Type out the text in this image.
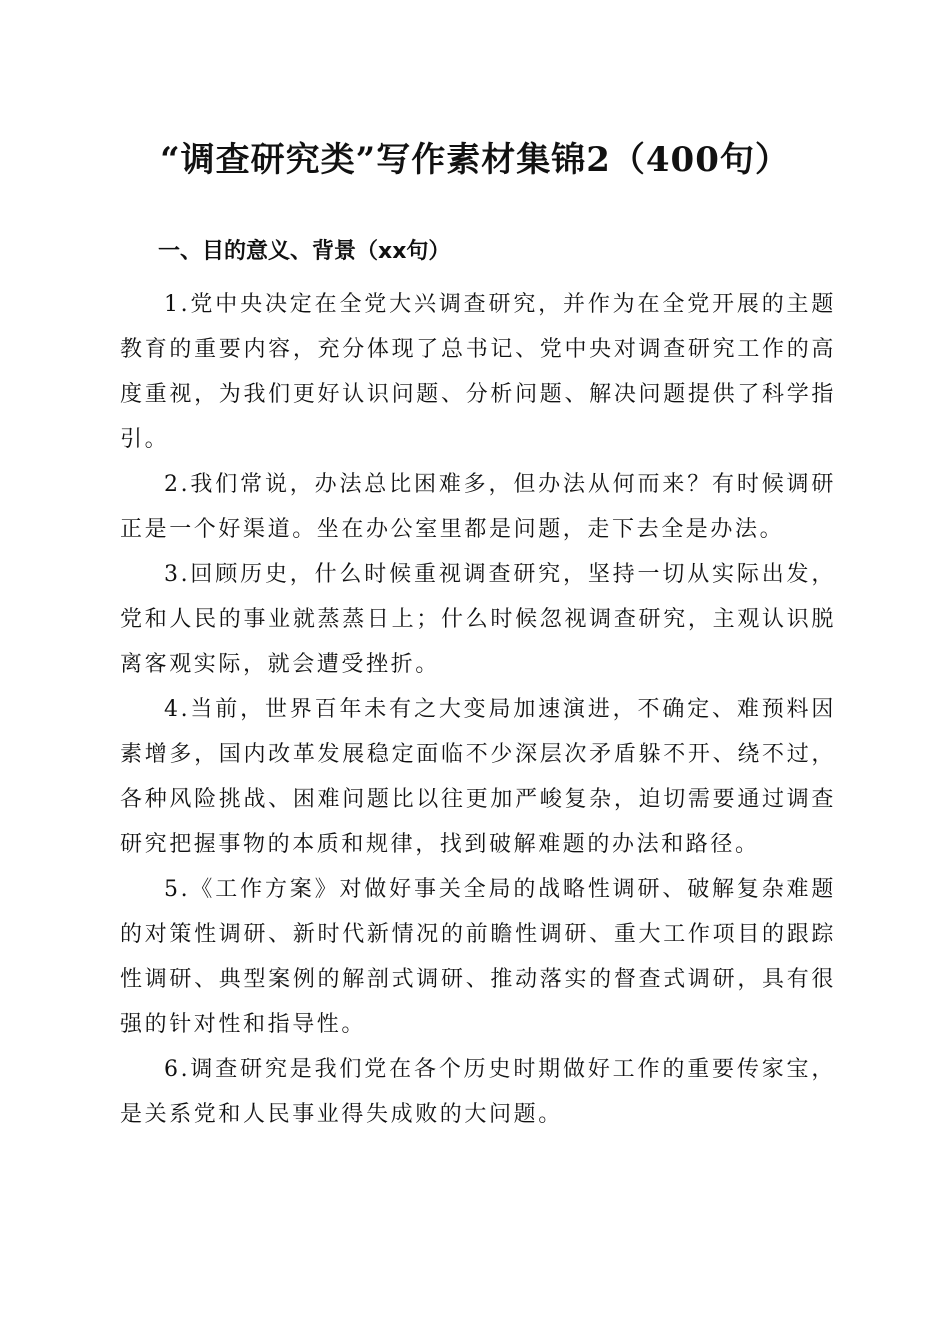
“调查研究类”写作素材集锦2（400句）
一、目的意义、背景（xx句）

1.党中央决定在全党大兴调查研究，并作为在全党开展的主题教育的重要内容，充分体现了总书记、党中央对调查研究工作的高度重视，为我们更好认识问题、分析问题、解决问题提供了科学指引。

2.我们常说，办法总比困难多，但办法从何而来？有时候调研正是一个好渠道。坐在办公室里都是问题，走下去全是办法。

3.回顾历史，什么时候重视调查研究，坚持一切从实际出发，党和人民的事业就蒸蒸日上；什么时候忽视调查研究，主观认识脱离客观实际，就会遭受挫折。

4.当前，世界百年未有之大变局加速演进，不确定、难预料因素增多，国内改革发展稳定面临不少深层次矛盾躲不开、绕不过，各种风险挑战、困难问题比以往更加严峻复杂，迫切需要通过调查研究把握事物的本质和规律，找到破解难题的办法和路径。

5.《工作方案》对做好事关全局的战略性调研、破解复杂难题的对策性调研、新时代新情况的前瞻性调研、重大工作项目的跟踪性调研、典型案例的解剖式调研、推动落实的督查式调研，具有很强的针对性和指导性。

6.调查研究是我们党在各个历史时期做好工作的重要传家宝，是关系党和人民事业得失成败的大问题。
